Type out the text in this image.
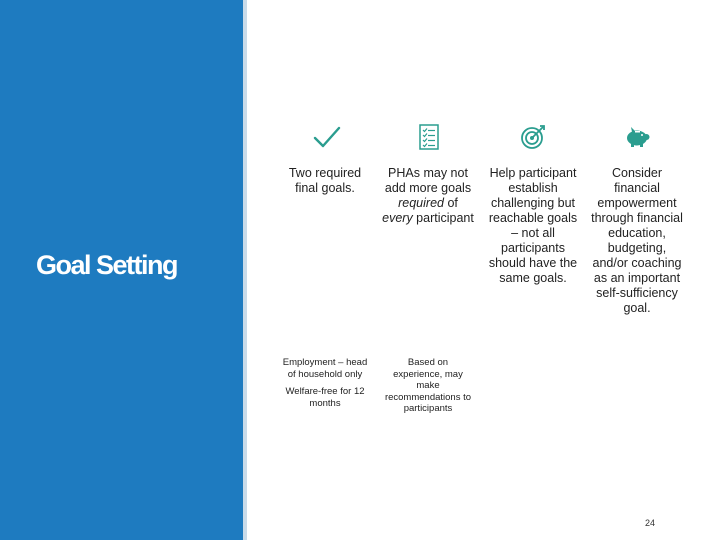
Goal Setting
Two required final goals.

Employment – head of household only

Welfare-free for 12 months

PHAs may not add more goals required of every participant

Based on experience, may make recommendations to participants

Help participant establish challenging but reachable goals – not all participants should have the same goals.
Consider financial empowerment through financial education, budgeting, and/or coaching as an important self-sufficiency goal.
24
